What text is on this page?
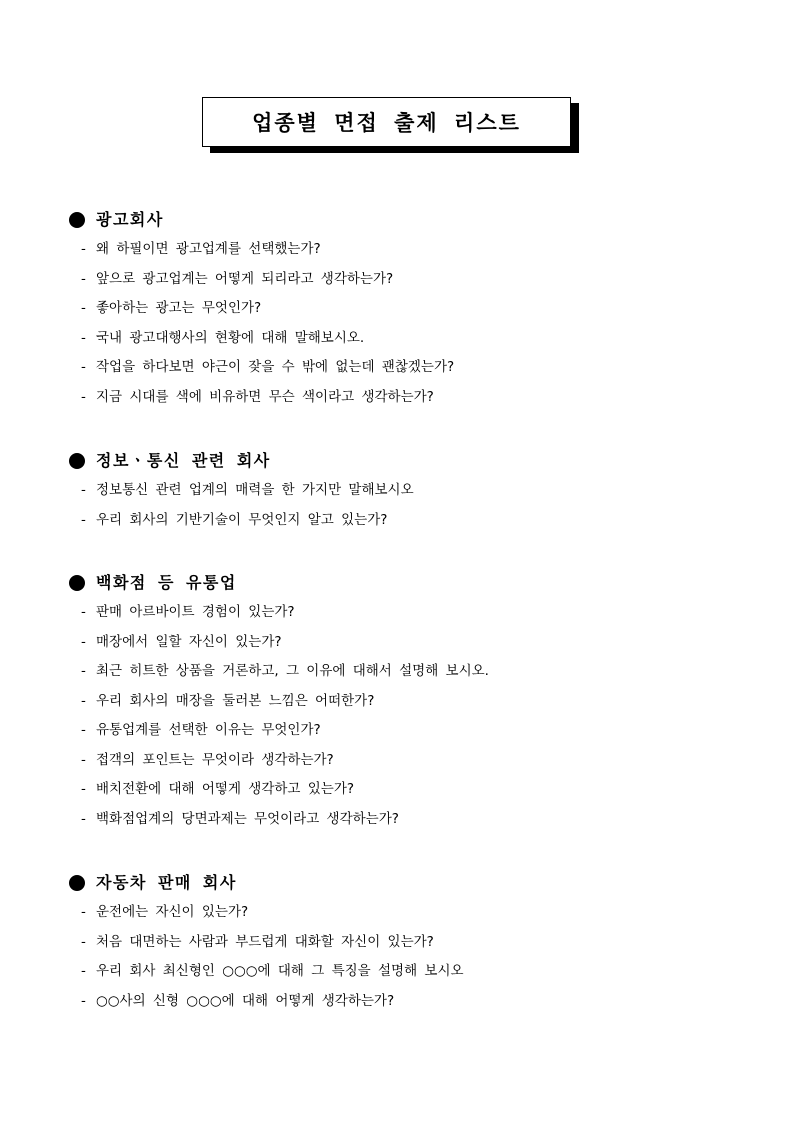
업종별 면접 출제 리스트
광고회사
- 왜 하필이면 광고업계를 선택했는가?
- 앞으로 광고업계는 어떻게 되리라고 생각하는가?
- 좋아하는 광고는 무엇인가?
- 국내 광고대행사의 현황에 대해 말해보시오.
- 작업을 하다보면 야근이 잦을 수 밖에 없는데 괜찮겠는가?
- 지금 시대를 색에 비유하면 무슨 색이라고 생각하는가?
정보ㆍ통신 관련 회사
- 정보통신 관련 업계의 매력을 한 가지만 말해보시오
- 우리 회사의 기반기술이 무엇인지 알고 있는가?
백화점 등 유통업
- 판매 아르바이트 경험이 있는가?
- 매장에서 일할 자신이 있는가?
- 최근 히트한 상품을 거론하고, 그 이유에 대해서 설명해 보시오.
- 우리 회사의 매장을 둘러본 느낌은 어떠한가?
- 유통업계를 선택한 이유는 무엇인가?
- 접객의 포인트는 무엇이라 생각하는가?
- 배치전환에 대해 어떻게 생각하고 있는가?
- 백화점업계의 당면과제는 무엇이라고 생각하는가?
자동차 판매 회사
- 운전에는 자신이 있는가?
- 처음 대면하는 사람과 부드럽게 대화할 자신이 있는가?
- 우리 회사 최신형인 ○○○에 대해 그 특징을 설명해 보시오
- ○○사의 신형 ○○○에 대해 어떻게 생각하는가?
